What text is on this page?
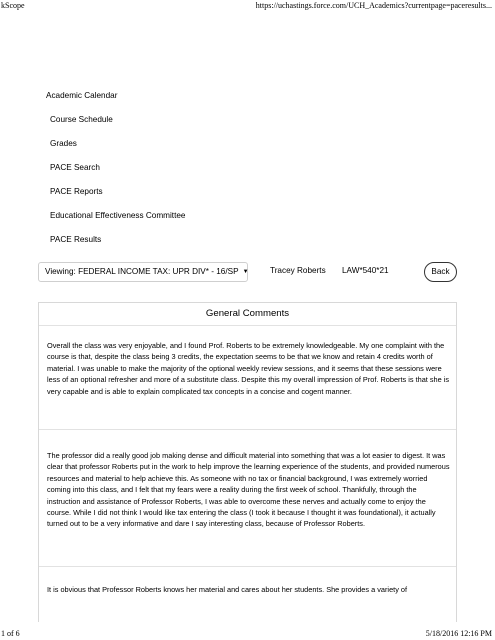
kScope	https://uchastings.force.com/UCH_Academics?currentpage=paceresults...
Academic Calendar
Course Schedule
Grades
PACE Search
PACE Reports
Educational Effectiveness Committee
PACE Results
Viewing: FEDERAL INCOME TAX: UPR DIV* - 16/SP ▼	Tracey Roberts LAW*540*21	Back
General Comments
Overall the class was very enjoyable, and I found Prof. Roberts to be extremely knowledgeable. My one complaint with the course is that, despite the class being 3 credits, the expectation seems to be that we know and retain 4 credits worth of material. I was unable to make the majority of the optional weekly review sessions, and it seems that these sessions were less of an optional refresher and more of a substitute class. Despite this my overall impression of Prof. Roberts is that she is very capable and is able to explain complicated tax concepts in a concise and cogent manner.
The professor did a really good job making dense and difficult material into something that was a lot easier to digest. It was clear that professor Roberts put in the work to help improve the learning experience of the students, and provided numerous resources and material to help achieve this. As someone with no tax or financial background, I was extremely worried coming into this class, and I felt that my fears were a reality during the first week of school. Thankfully, through the instruction and assistance of Professor Roberts, I was able to overcome these nerves and actually come to enjoy the course. While I did not think I would like tax entering the class (I took it because I thought it was foundational), it actually turned out to be a very informative and dare I say interesting class, because of Professor Roberts.
It is obvious that Professor Roberts knows her material and cares about her students. She provides a variety of
1 of 6	5/18/2016 12:16 PM
